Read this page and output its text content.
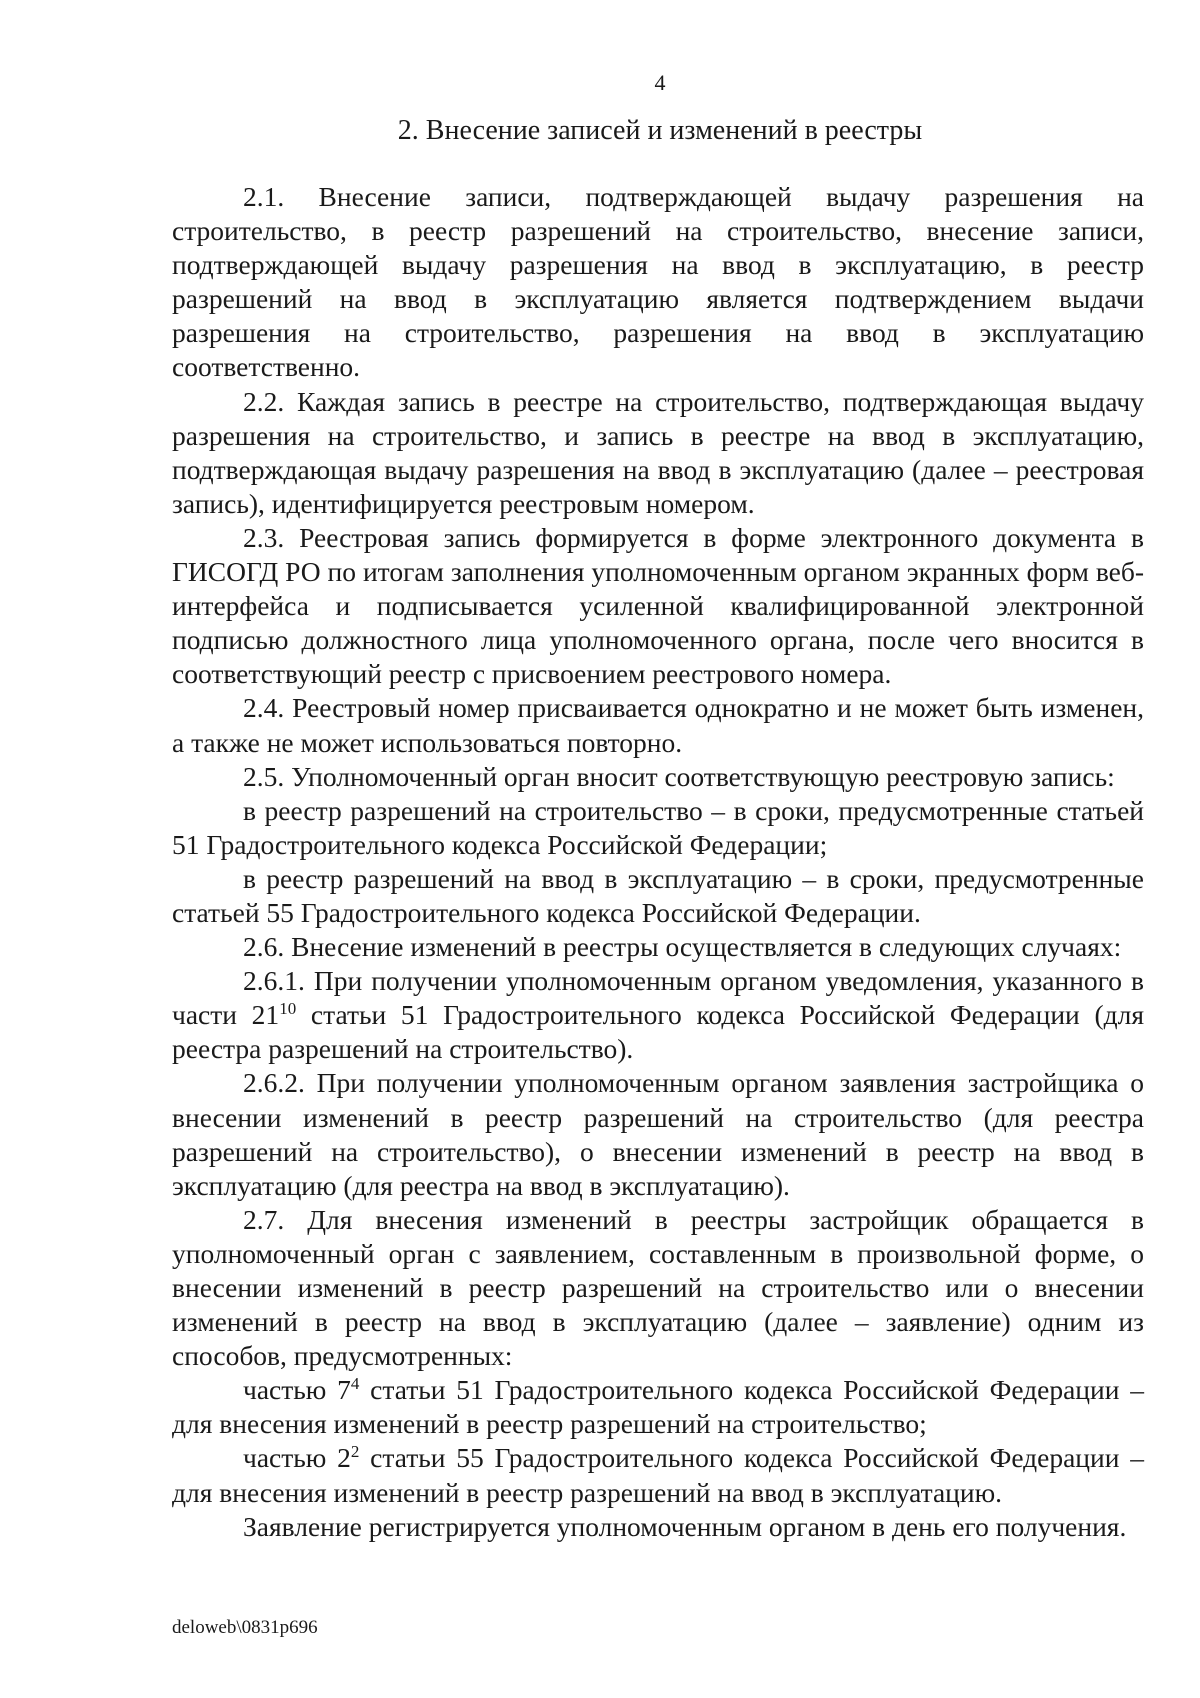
4
2. Внесение записей и изменений в реестры

2.1. Внесение записи, подтверждающей выдачу разрешения на строительство, в реестр разрешений на строительство, внесение записи, подтверждающей выдачу разрешения на ввод в эксплуатацию, в реестр разрешений на ввод в эксплуатацию является подтверждением выдачи разрешения на строительство, разрешения на ввод в эксплуатацию соответственно.

2.2. Каждая запись в реестре на строительство, подтверждающая выдачу разрешения на строительство, и запись в реестре на ввод в эксплуатацию, подтверждающая выдачу разрешения на ввод в эксплуатацию (далее – реестровая запись), идентифицируется реестровым номером.

2.3. Реестровая запись формируется в форме электронного документа в ГИСОГД РО по итогам заполнения уполномоченным органом экранных форм веб-интерфейса и подписывается усиленной квалифицированной электронной подписью должностного лица уполномоченного органа, после чего вносится в соответствующий реестр с присвоением реестрового номера.

2.4. Реестровый номер присваивается однократно и не может быть изменен, а также не может использоваться повторно.

2.5. Уполномоченный орган вносит соответствующую реестровую запись:

в реестр разрешений на строительство – в сроки, предусмотренные статьей 51 Градостроительного кодекса Российской Федерации;

в реестр разрешений на ввод в эксплуатацию – в сроки, предусмотренные статьей 55 Градостроительного кодекса Российской Федерации.

2.6. Внесение изменений в реестры осуществляется в следующих случаях:

2.6.1. При получении уполномоченным органом уведомления, указанного в части $21^{10}$ статьи 51 Градостроительного кодекса Российской Федерации (для реестра разрешений на строительство).

2.6.2. При получении уполномоченным органом заявления застройщика о внесении изменений в реестр разрешений на строительство (для реестра разрешений на строительство), о внесении изменений в реестр на ввод в эксплуатацию (для реестра на ввод в эксплуатацию).

2.7. Для внесения изменений в реестры застройщик обращается в уполномоченный орган с заявлением, составленным в произвольной форме, о внесении изменений в реестр разрешений на строительство или о внесении изменений в реестр на ввод в эксплуатацию (далее – заявление) одним из способов, предусмотренных:

частью $7^4$ статьи 51 Градостроительного кодекса Российской Федерации – для внесения изменений в реестр разрешений на строительство;

частью $2^2$ статьи 55 Градостроительного кодекса Российской Федерации – для внесения изменений в реестр разрешений на ввод в эксплуатацию.

Заявление регистрируется уполномоченным органом в день его получения.

deloweb\0831p696
